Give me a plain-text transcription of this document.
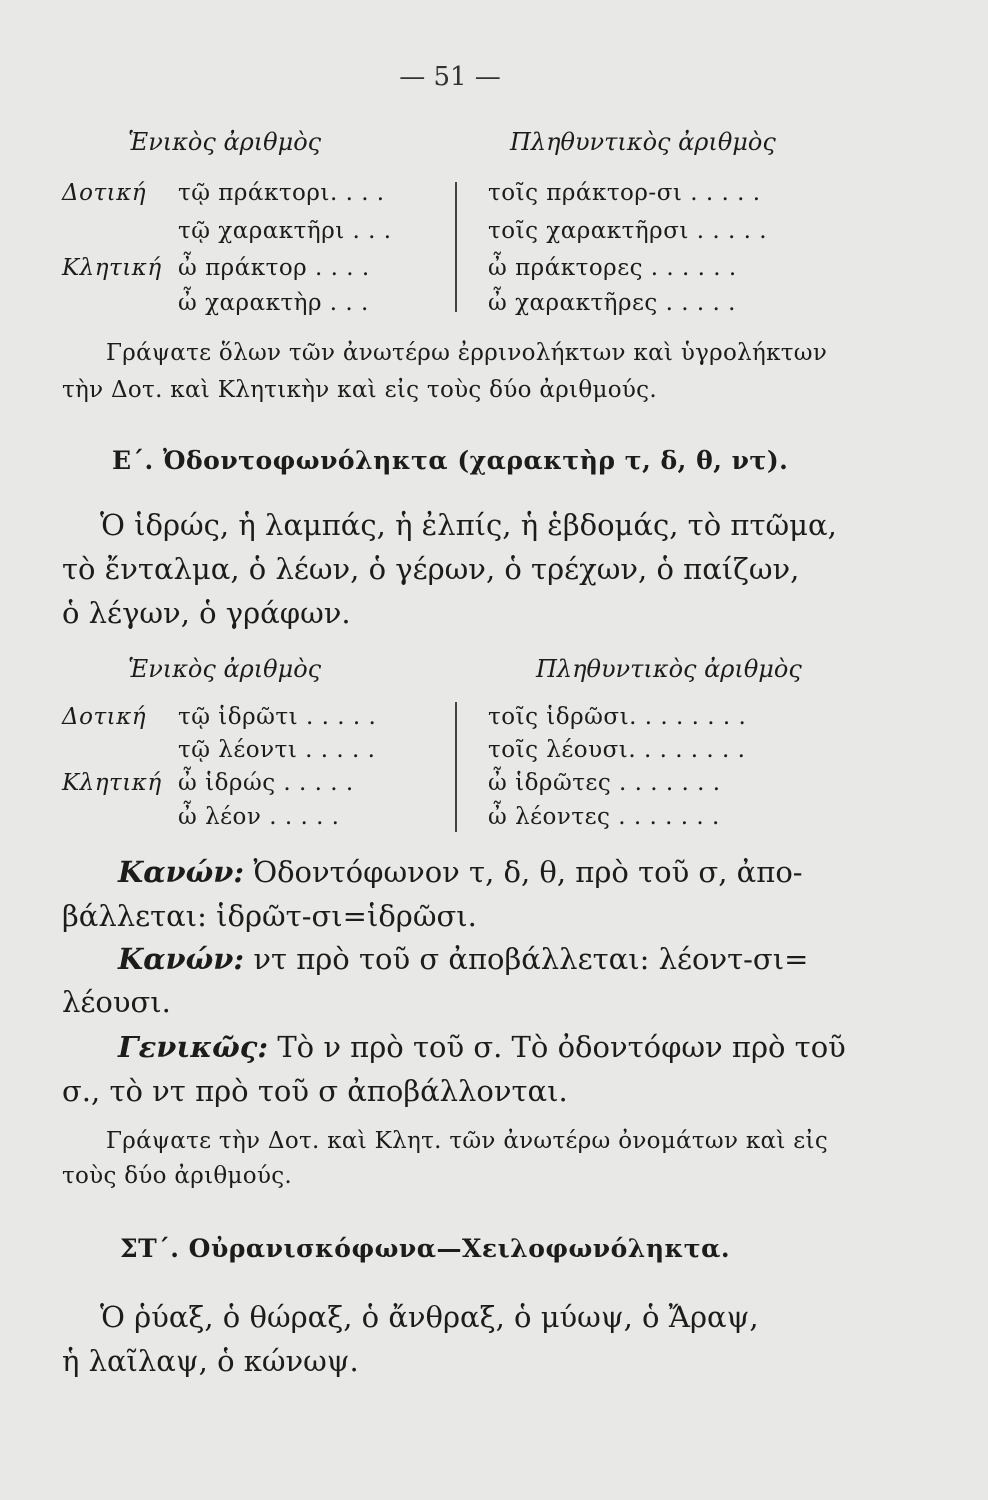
— 51 —
Ἑνικὸς ἀριθμὸς	Πληθυντικὸς ἀριθμὸς
Δοτική τῷ πράκτορι. . . .	τοῖς πράκτορ-σι . . . . .
τῷ χαρακτῆρι . . .	τοῖς χαρακτῆρσι . . . . .
Κλητική ὦ πράκτορ . . . .	ὦ πράκτορες . . . . . .
ὦ χαρακτὴρ . . .	ὦ χαρακτῆρες . . . . .
Γράψατε ὅλων τῶν ἀνωτέρω ἐρρινολήκτων καὶ ὑγρολήκτων
τὴν Δοτ. καὶ Κλητικὴν καὶ εἰς τοὺς δύο ἀριθμούς.
Ε΄. Ὀδοντοφωνόληκτα (χαρακτὴρ τ, δ, θ, ντ).
Ὁ ἱδρώς, ἡ λαμπάς, ἡ ἐλπίς, ἡ ἑβδομάς, τὸ πτῶμα,
τὸ ἔνταλμα, ὁ λέων, ὁ γέρων, ὁ τρέχων, ὁ παίζων,
ὁ λέγων, ὁ γράφων.
Ἑνικὸς ἀριθμὸς	Πληθυντικὸς ἀριθμὸς
Δοτική τῷ ἱδρῶτι . . . . .	τοῖς ἱδρῶσι. . . . . . . .
τῷ λέοντι . . . . .	τοῖς λέουσι. . . . . . . .
Κλητική ὦ ἱδρώς . . . . .	ὦ ἱδρῶτες . . . . . . .
ὦ λέον . . . . .	ὦ λέοντες . . . . . . .
Κανών: Ὀδοντόφωνον τ, δ, θ, πρὸ τοῦ σ, ἀπο-
βάλλεται: ἱδρῶτ-σι=ἱδρῶσι.
Κανών: ντ πρὸ τοῦ σ ἀποβάλλεται: λέοντ-σι=
λέουσι.
Γενικῶς: Τὸ ν πρὸ τοῦ σ. Τὸ ὀδοντόφων πρὸ τοῦ
σ., τὸ ντ πρὸ τοῦ σ ἀποβάλλονται.
Γράψατε τὴν Δοτ. καὶ Κλητ. τῶν ἀνωτέρω ὀνομάτων καὶ εἰς
τοὺς δύο ἀριθμούς.
ΣΤ΄. Οὐρανισκόφωνα—Χειλοφωνόληκτα.
Ὁ ῥύαξ, ὁ θώραξ, ὁ ἄνθραξ, ὁ μύωψ, ὁ Ἄραψ,
ἡ λαῖλαψ, ὁ κώνωψ.
